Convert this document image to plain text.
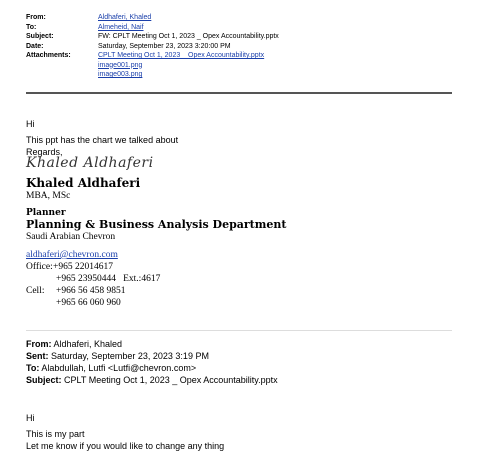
From:	Aldhaferi, Khaled
To:	Almeheid, Naif
Subject:	FW: CPLT Meeting Oct 1, 2023 _ Opex Accountability.pptx
Date:	Saturday, September 23, 2023 3:20:00 PM
Attachments:	CPLT Meeting Oct 1, 2023 _ Opex Accountability.pptx
image001.png
image003.png
Hi
This ppt has the chart we talked about
Regards,
Khaled Aldhaferi
Khaled Aldhaferi
MBA, MSc
Planner
Planning & Business Analysis Department
Saudi Arabian Chevron
aldhaferi@chevron.com
Office: +965 22014617
+965 23950444   Ext.:4617
Cell:	+966 56 458 9851
+965 66 060 960
From: Aldhaferi, Khaled
Sent: Saturday, September 23, 2023 3:19 PM
To: Alabdullah, Lutfi <Lutfi@chevron.com>
Subject: CPLT Meeting Oct 1, 2023 _ Opex Accountability.pptx
Hi
This is my part
Let me know if you would like to change any thing
